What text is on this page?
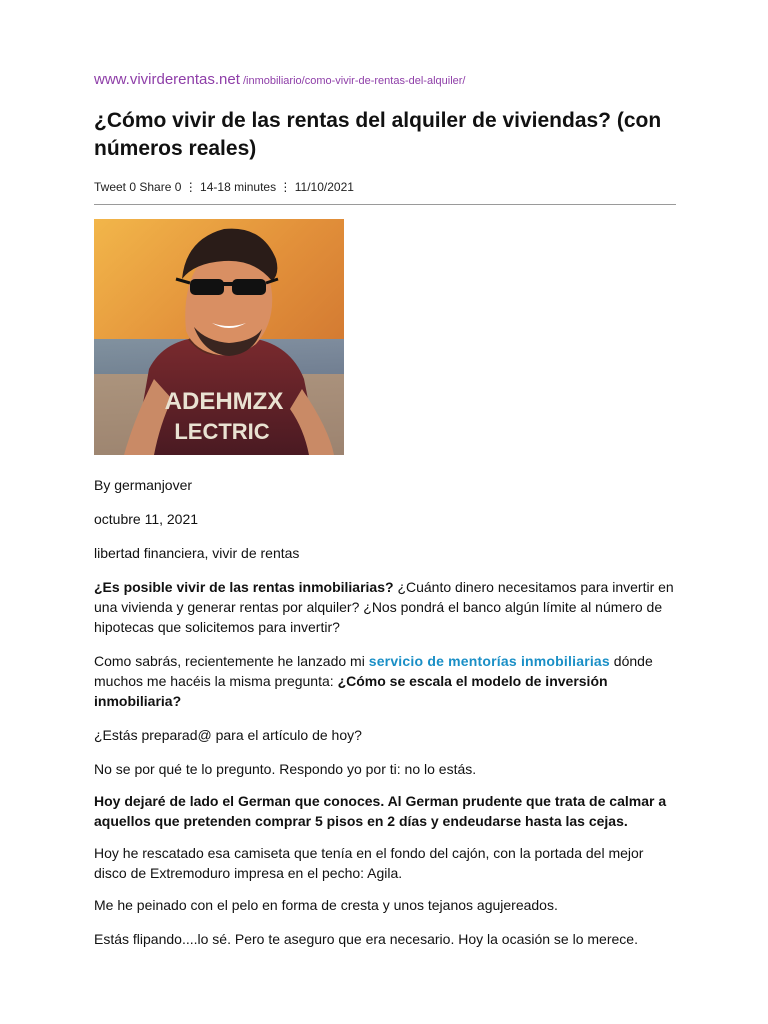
www.vivirderentas.net /inmobiliario/como-vivir-de-rentas-del-alquiler/
¿Cómo vivir de las rentas del alquiler de viviendas? (con números reales)
Tweet 0 Share 0 ⋮ 14-18 minutes ⋮ 11/10/2021
ADEHMZX
LECTRIC

By germanjover

octubre 11, 2021

libertad financiera, vivir de rentas

¿Es posible vivir de las rentas inmobiliarias? ¿Cuánto dinero necesitamos para invertir en una vivienda y generar rentas por alquiler? ¿Nos pondrá el banco algún límite al número de hipotecas que solicitemos para invertir?

Como sabrás, recientemente he lanzado mi servicio de mentorías inmobiliarias dónde muchos me hacéis la misma pregunta: ¿Cómo se escala el modelo de inversión inmobiliaria?

¿Estás preparad@ para el artículo de hoy?

No se por qué te lo pregunto. Respondo yo por ti: no lo estás.

Hoy dejaré de lado el German que conoces. Al German prudente que trata de calmar a aquellos que pretenden comprar 5 pisos en 2 días y endeudarse hasta las cejas.

Hoy he rescatado esa camiseta que tenía en el fondo del cajón, con la portada del mejor disco de Extremoduro impresa en el pecho: Agila.

Me he peinado con el pelo en forma de cresta y unos tejanos agujereados.

Estás flipando....lo sé. Pero te aseguro que era necesario. Hoy la ocasión se lo merece.
